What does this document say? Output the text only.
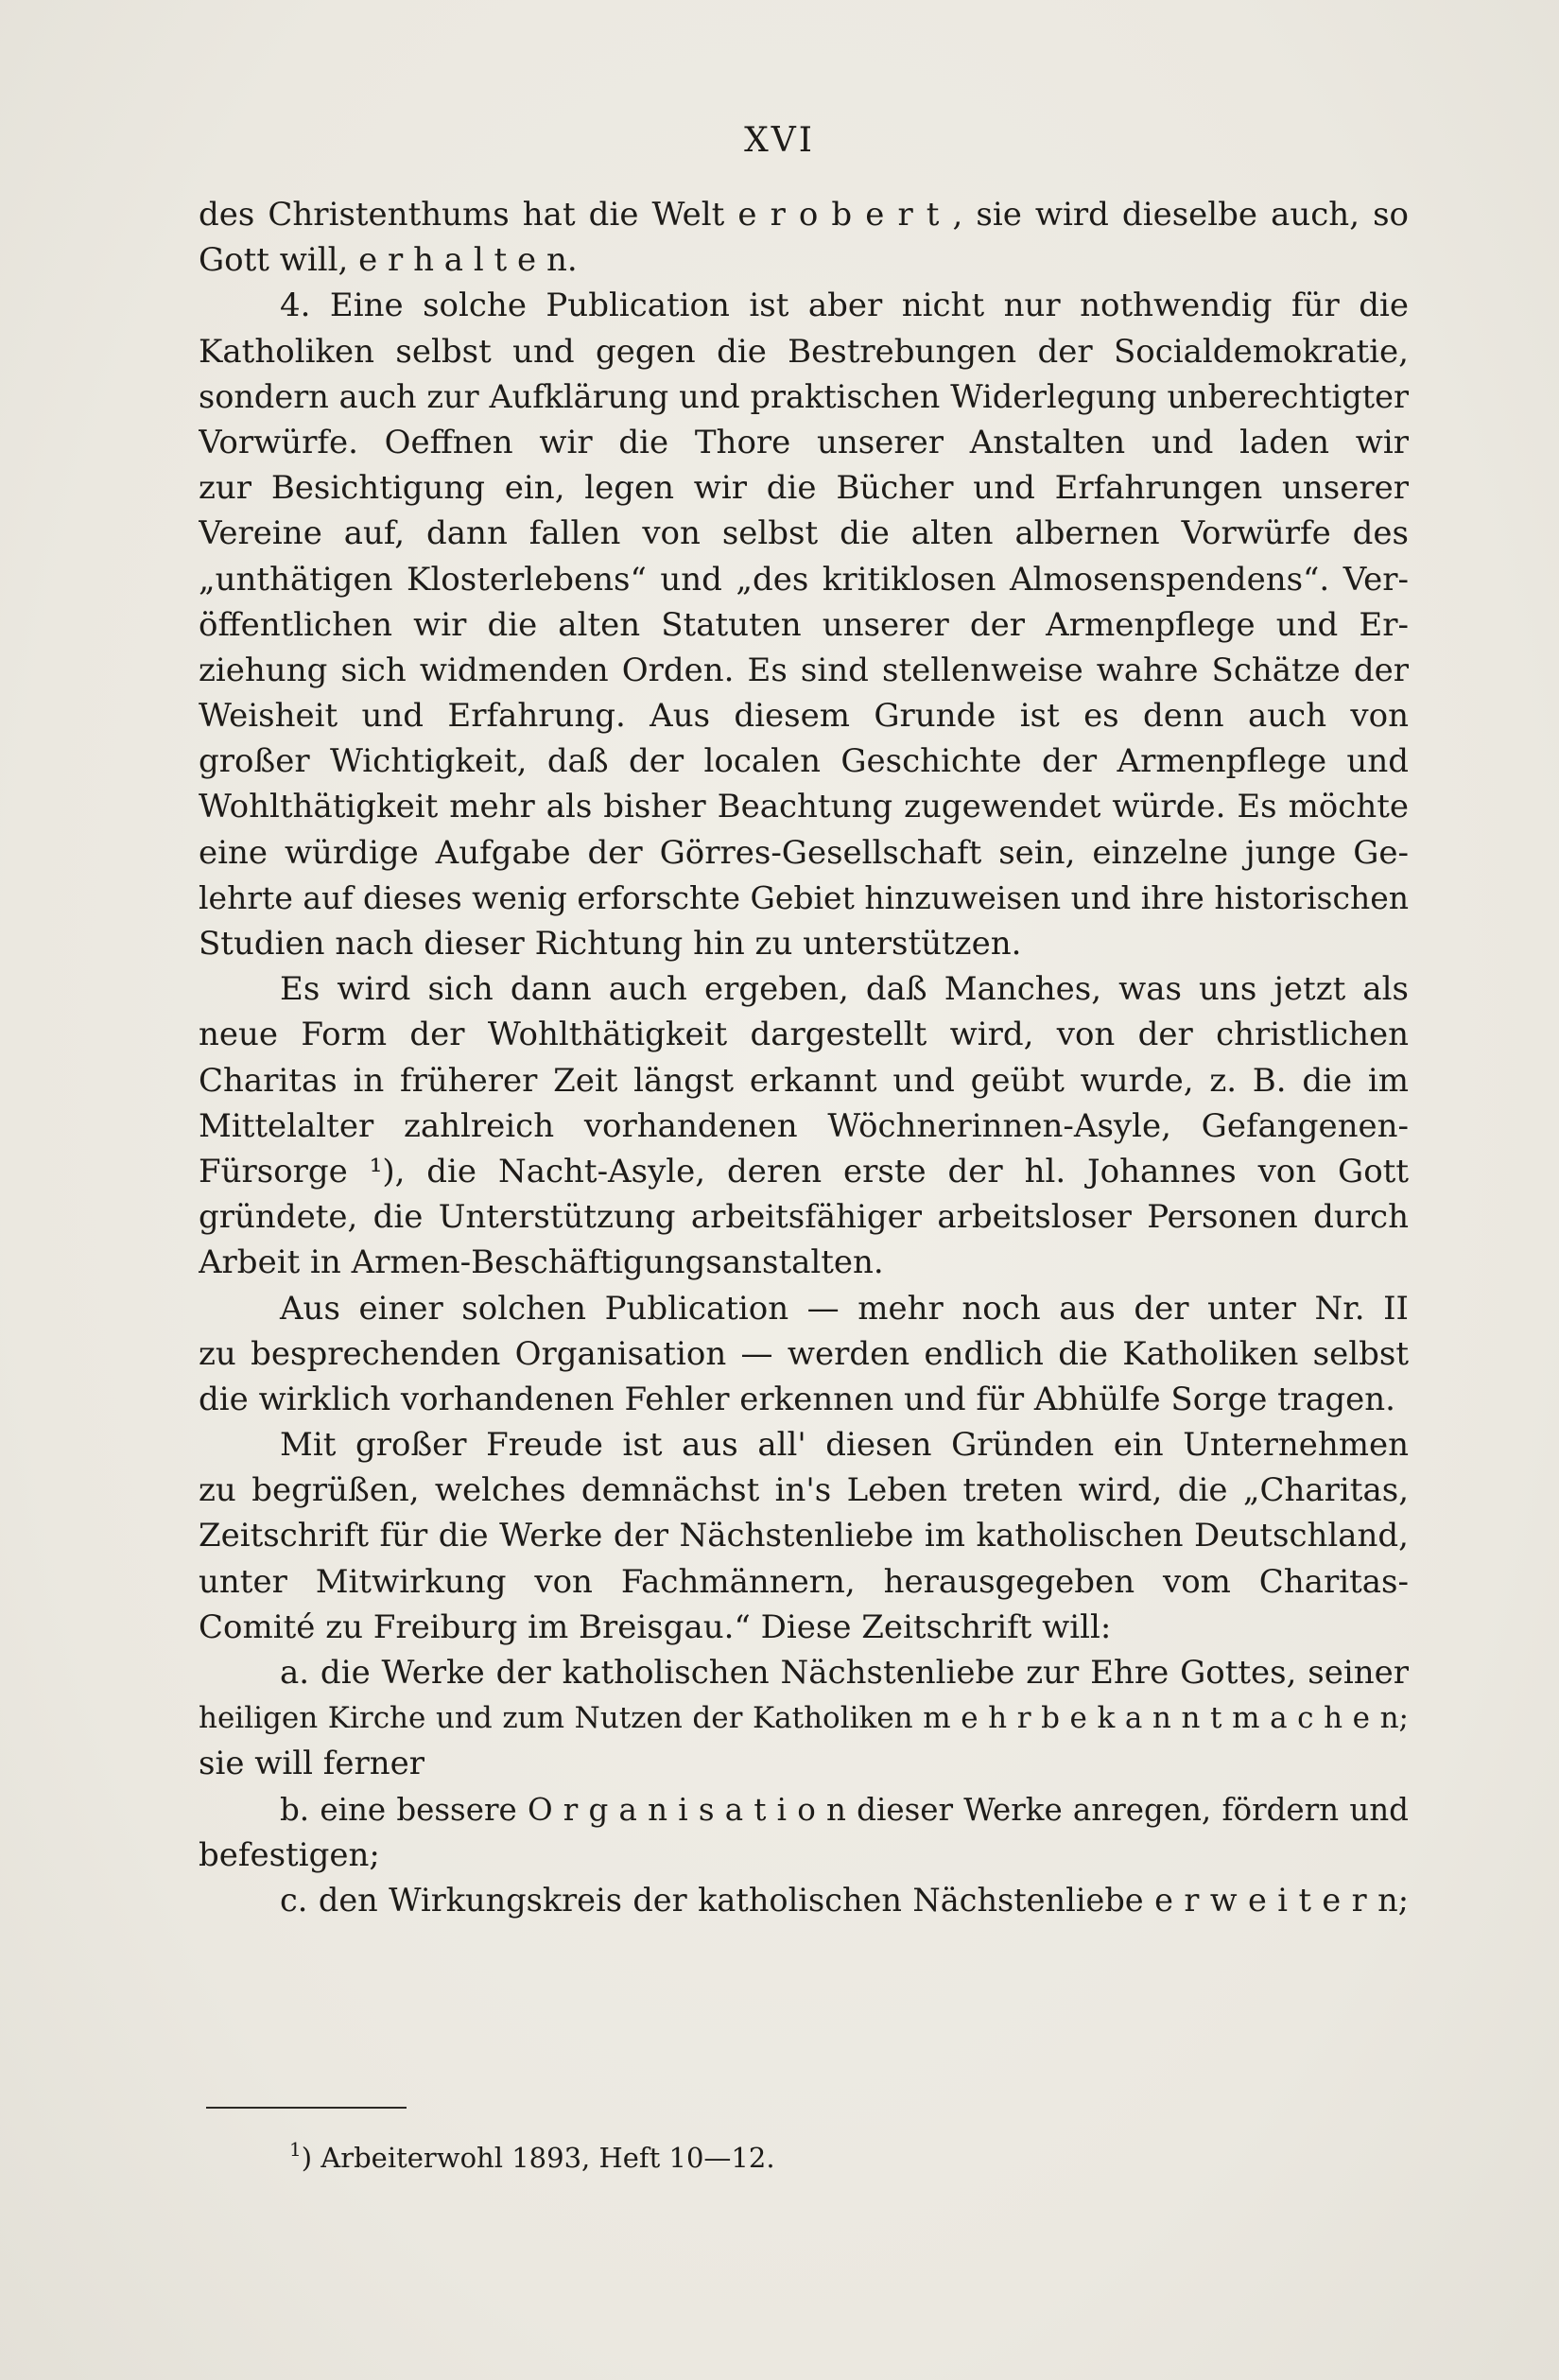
XVI
des Christenthums hat die Welt e r o b e r t , sie wird dieselbe auch, so
Gott will, e r h a l t e n.
4. Eine solche Publication ist aber nicht nur nothwendig für die
Katholiken selbst und gegen die Bestrebungen der Socialdemokratie,
sondern auch zur Aufklärung und praktischen Widerlegung unberechtigter
Vorwürfe. Oeffnen wir die Thore unserer Anstalten und laden wir
zur Besichtigung ein, legen wir die Bücher und Erfahrungen unserer
Vereine auf, dann fallen von selbst die alten albernen Vorwürfe des
„unthätigen Klosterlebens“ und „des kritiklosen Almosenspendens“. Ver-
öffentlichen wir die alten Statuten unserer der Armenpflege und Er-
ziehung sich widmenden Orden. Es sind stellenweise wahre Schätze der
Weisheit und Erfahrung. Aus diesem Grunde ist es denn auch von
großer Wichtigkeit, daß der localen Geschichte der Armenpflege und
Wohlthätigkeit mehr als bisher Beachtung zugewendet würde. Es möchte
eine würdige Aufgabe der Görres-Gesellschaft sein, einzelne junge Ge-
lehrte auf dieses wenig erforschte Gebiet hinzuweisen und ihre historischen
Studien nach dieser Richtung hin zu unterstützen.
Es wird sich dann auch ergeben, daß Manches, was uns jetzt als
neue Form der Wohlthätigkeit dargestellt wird, von der christlichen
Charitas in früherer Zeit längst erkannt und geübt wurde, z. B. die im
Mittelalter zahlreich vorhandenen Wöchnerinnen-Asyle, Gefangenen-
Fürsorge ¹), die Nacht-Asyle, deren erste der hl. Johannes von Gott
gründete, die Unterstützung arbeitsfähiger arbeitsloser Personen durch
Arbeit in Armen-Beschäftigungsanstalten.
Aus einer solchen Publication — mehr noch aus der unter Nr. II
zu besprechenden Organisation — werden endlich die Katholiken selbst
die wirklich vorhandenen Fehler erkennen und für Abhülfe Sorge tragen.
Mit großer Freude ist aus all' diesen Gründen ein Unternehmen
zu begrüßen, welches demnächst in's Leben treten wird, die „Charitas,
Zeitschrift für die Werke der Nächstenliebe im katholischen Deutschland,
unter Mitwirkung von Fachmännern, herausgegeben vom Charitas-
Comité zu Freiburg im Breisgau.“ Diese Zeitschrift will:
a. die Werke der katholischen Nächstenliebe zur Ehre Gottes, seiner
heiligen Kirche und zum Nutzen der Katholiken m e h r b e k a n n t m a c h e n;
sie will ferner
b. eine bessere O r g a n i s a t i o n dieser Werke anregen, fördern und
befestigen;
c. den Wirkungskreis der katholischen Nächstenliebe e r w e i t e r n;
$^1$) Arbeiterwohl 1893, Heft 10—12.
